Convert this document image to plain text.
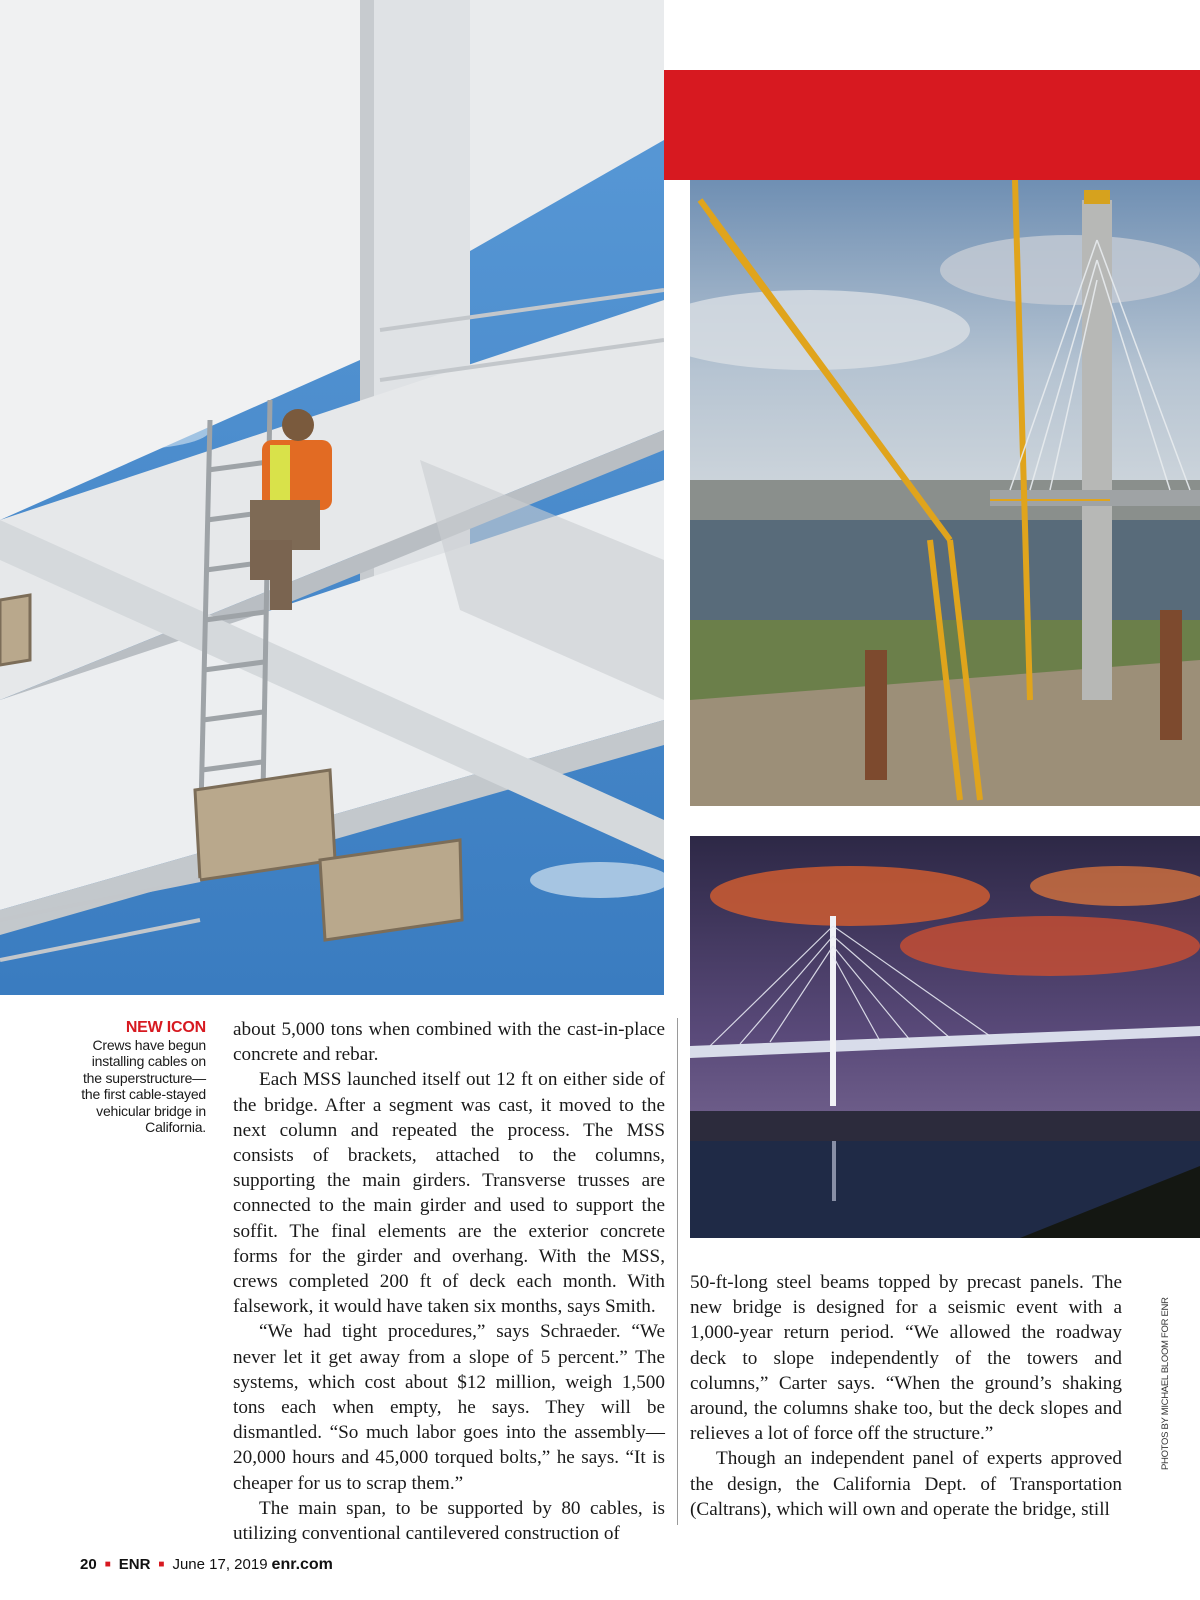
NEW ICON
Crews have begun installing cables on the superstructure—the first cable-stayed vehicular bridge in California.

about 5,000 tons when combined with the cast-in-place concrete and rebar.

Each MSS launched itself out 12 ft on either side of the bridge. After a segment was cast, it moved to the next column and repeated the process. The MSS consists of brackets, attached to the columns, supporting the main girders. Transverse trusses are connected to the main girder and used to support the soffit. The final elements are the exterior concrete forms for the girder and overhang. With the MSS, crews completed 200 ft of deck each month. With falsework, it would have taken six months, says Smith.

“We had tight procedures,” says Schraeder. “We never let it get away from a slope of 5 percent.” The systems, which cost about $12 million, weigh 1,500 tons each when empty, he says. They will be dismantled. “So much labor goes into the assembly— 20,000 hours and 45,000 torqued bolts,” he says. “It is cheaper for us to scrap them.”

The main span, to be supported by 80 cables, is utilizing conventional cantilevered construction of

50-ft-long steel beams topped by precast panels. The new bridge is designed for a seismic event with a 1,000-year return period. “We allowed the roadway deck to slope independently of the towers and columns,” Carter says. “When the ground’s shaking around, the columns shake too, but the deck slopes and relieves a lot of force off the structure.”

Though an independent panel of experts approved the design, the California Dept. of Transportation (Caltrans), which will own and operate the bridge, still

PHOTOS BY MICHAEL BLOOM FOR ENR
20 ■ ENR ■ June 17, 2019 enr.com
